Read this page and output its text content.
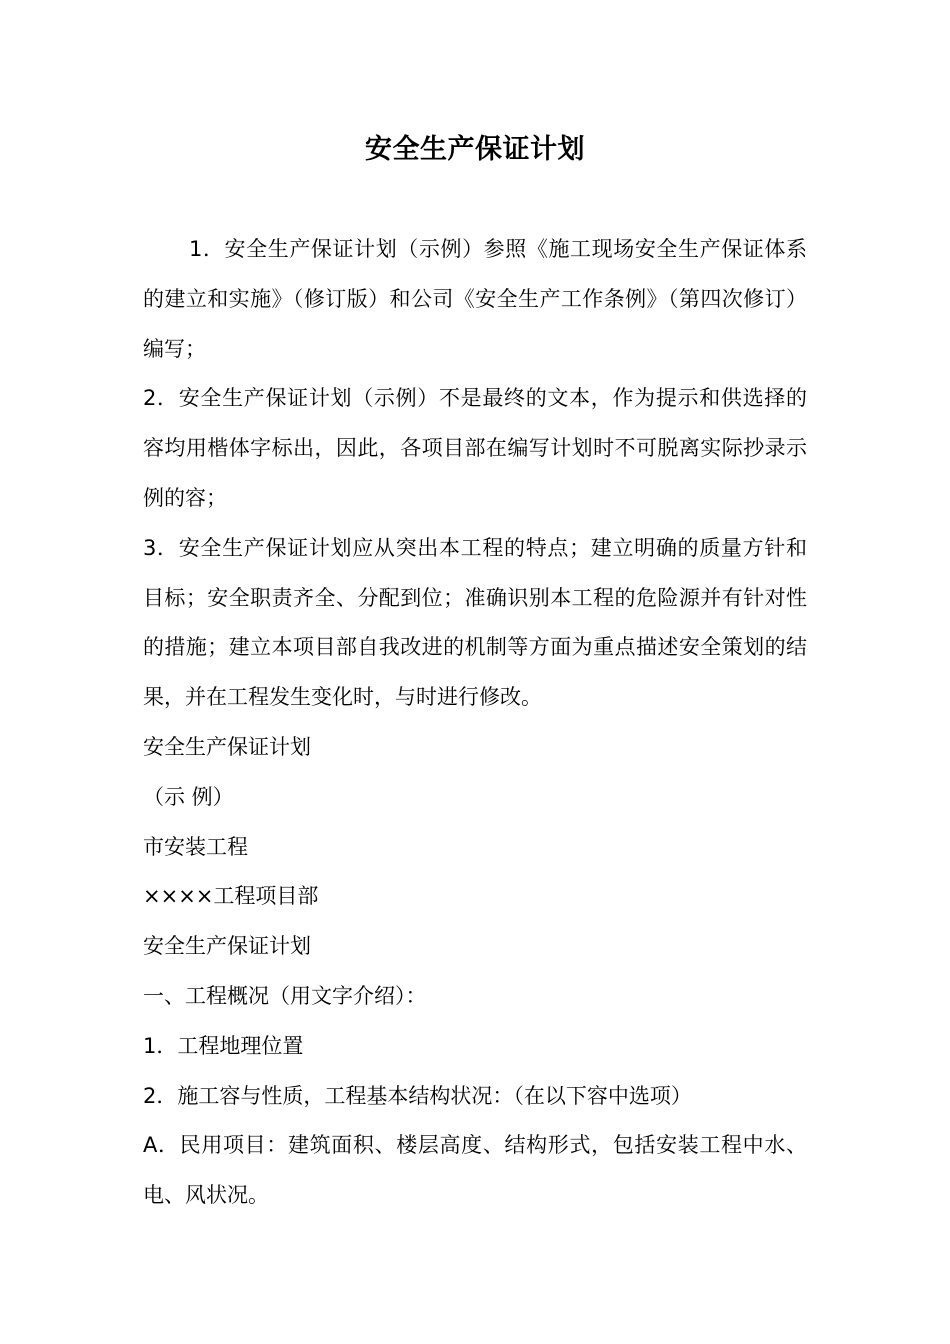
安全生产保证计划

1．安全生产保证计划（示例）参照《施工现场安全生产保证体系的建立和实施》（修订版）和公司《安全生产工作条例》（第四次修订）编写；

2．安全生产保证计划（示例）不是最终的文本，作为提示和供选择的容均用楷体字标出，因此，各项目部在编写计划时不可脱离实际抄录示例的容；

3．安全生产保证计划应从突出本工程的特点；建立明确的质量方针和目标；安全职责齐全、分配到位；准确识别本工程的危险源并有针对性的措施；建立本项目部自我改进的机制等方面为重点描述安全策划的结果，并在工程发生变化时，与时进行修改。

安全生产保证计划

（示 例）

市安装工程

××××工程项目部

安全生产保证计划

一、工程概况（用文字介绍）：

1．工程地理位置

2．施工容与性质，工程基本结构状况：（在以下容中选项）

A．民用项目：建筑面积、楼层高度、结构形式，包括安装工程中水、电、风状况。
